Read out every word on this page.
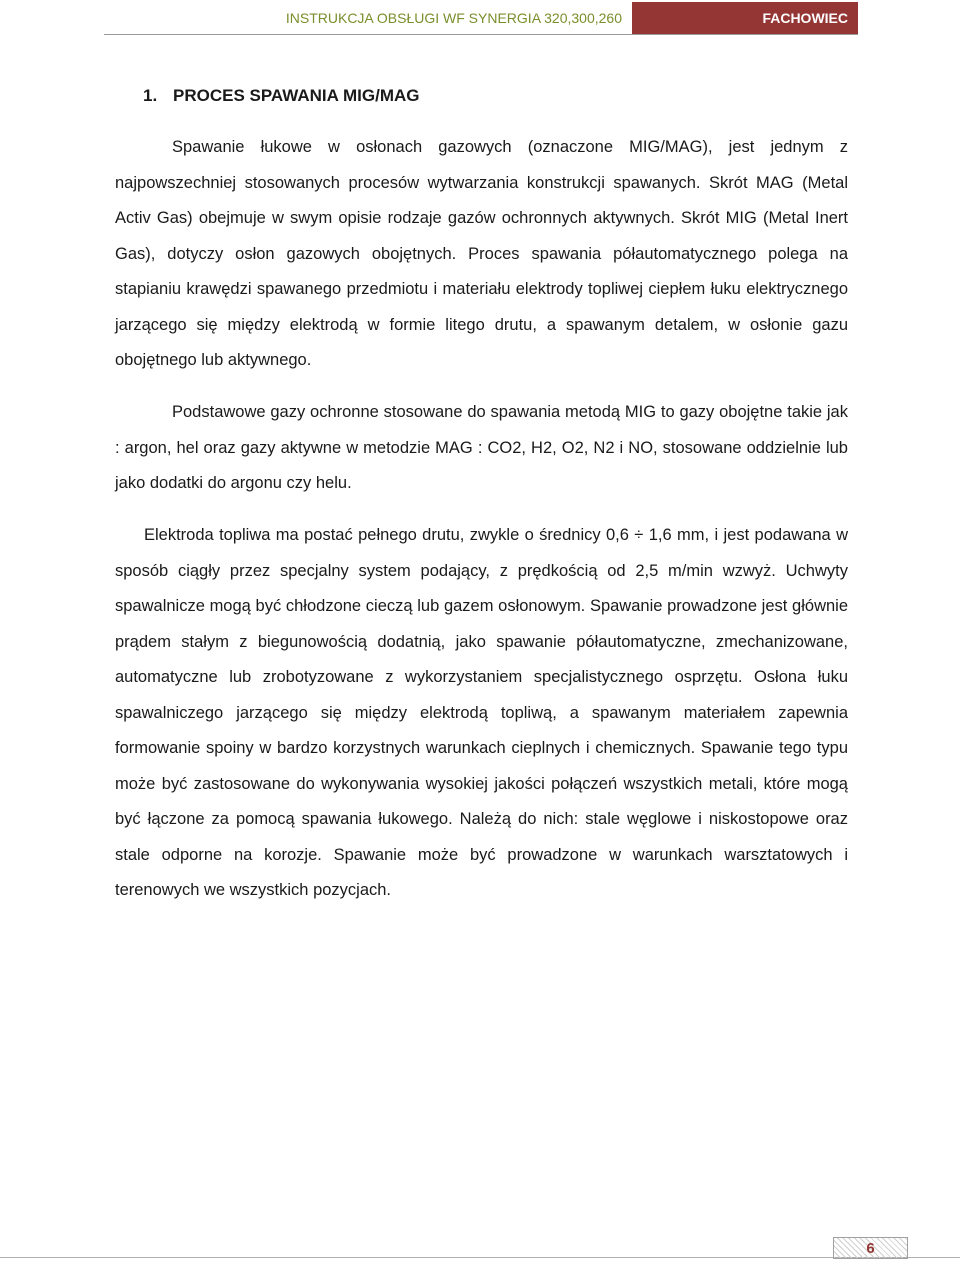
INSTRUKCJA OBSŁUGI WF SYNERGIA 320,300,260	FACHOWIEC
1. PROCES SPAWANIA MIG/MAG

Spawanie łukowe w osłonach gazowych (oznaczone MIG/MAG), jest jednym z najpowszechniej stosowanych procesów wytwarzania konstrukcji spawanych. Skrót MAG (Metal Activ Gas) obejmuje w swym opisie rodzaje gazów ochronnych aktywnych. Skrót MIG (Metal Inert Gas), dotyczy osłon gazowych obojętnych. Proces spawania półautomatycznego polega na stapianiu krawędzi spawanego przedmiotu i materiału elektrody topliwej ciepłem łuku elektrycznego jarzącego się między elektrodą w formie litego drutu, a spawanym detalem, w osłonie gazu obojętnego lub aktywnego.

Podstawowe gazy ochronne stosowane do spawania metodą MIG to gazy obojętne takie jak : argon, hel oraz gazy aktywne w metodzie MAG : CO2, H2, O2, N2 i NO, stosowane oddzielnie lub jako dodatki do argonu czy helu.

Elektroda topliwa ma postać pełnego drutu, zwykle o średnicy 0,6 ÷ 1,6 mm, i jest podawana w sposób ciągły przez specjalny system podający, z prędkością od 2,5 m/min wzwyż. Uchwyty spawalnicze mogą być chłodzone cieczą lub gazem osłonowym. Spawanie prowadzone jest głównie prądem stałym z biegunowością dodatnią, jako spawanie półautomatyczne, zmechanizowane, automatyczne lub zrobotyzowane z wykorzystaniem specjalistycznego osprzętu. Osłona łuku spawalniczego jarzącego się między elektrodą topliwą, a spawanym materiałem zapewnia formowanie spoiny w bardzo korzystnych warunkach cieplnych i chemicznych. Spawanie tego typu może być zastosowane do wykonywania wysokiej jakości połączeń wszystkich metali, które mogą być łączone za pomocą spawania łukowego. Należą do nich: stale węglowe i niskostopowe oraz stale odporne na korozje. Spawanie może być prowadzone w warunkach warsztatowych i terenowych we wszystkich pozycjach.

6
